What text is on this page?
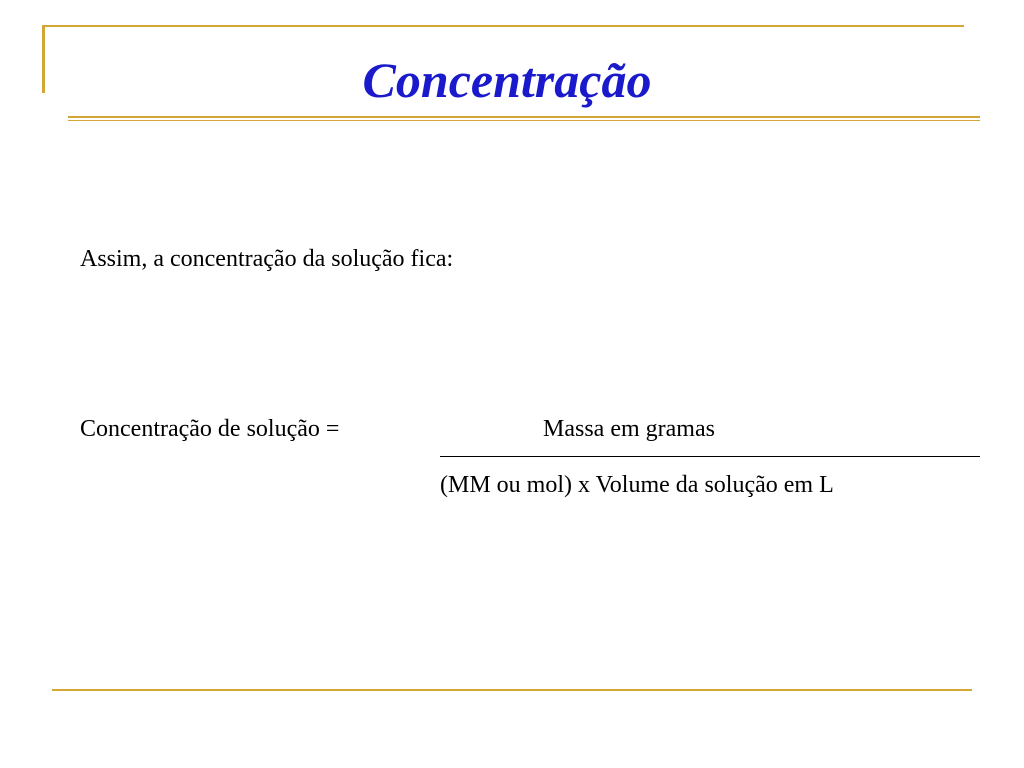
Concentração
Assim, a concentração da solução fica:
Concentração de solução =	Massa em gramas
(MM ou mol) x Volume da solução em L
